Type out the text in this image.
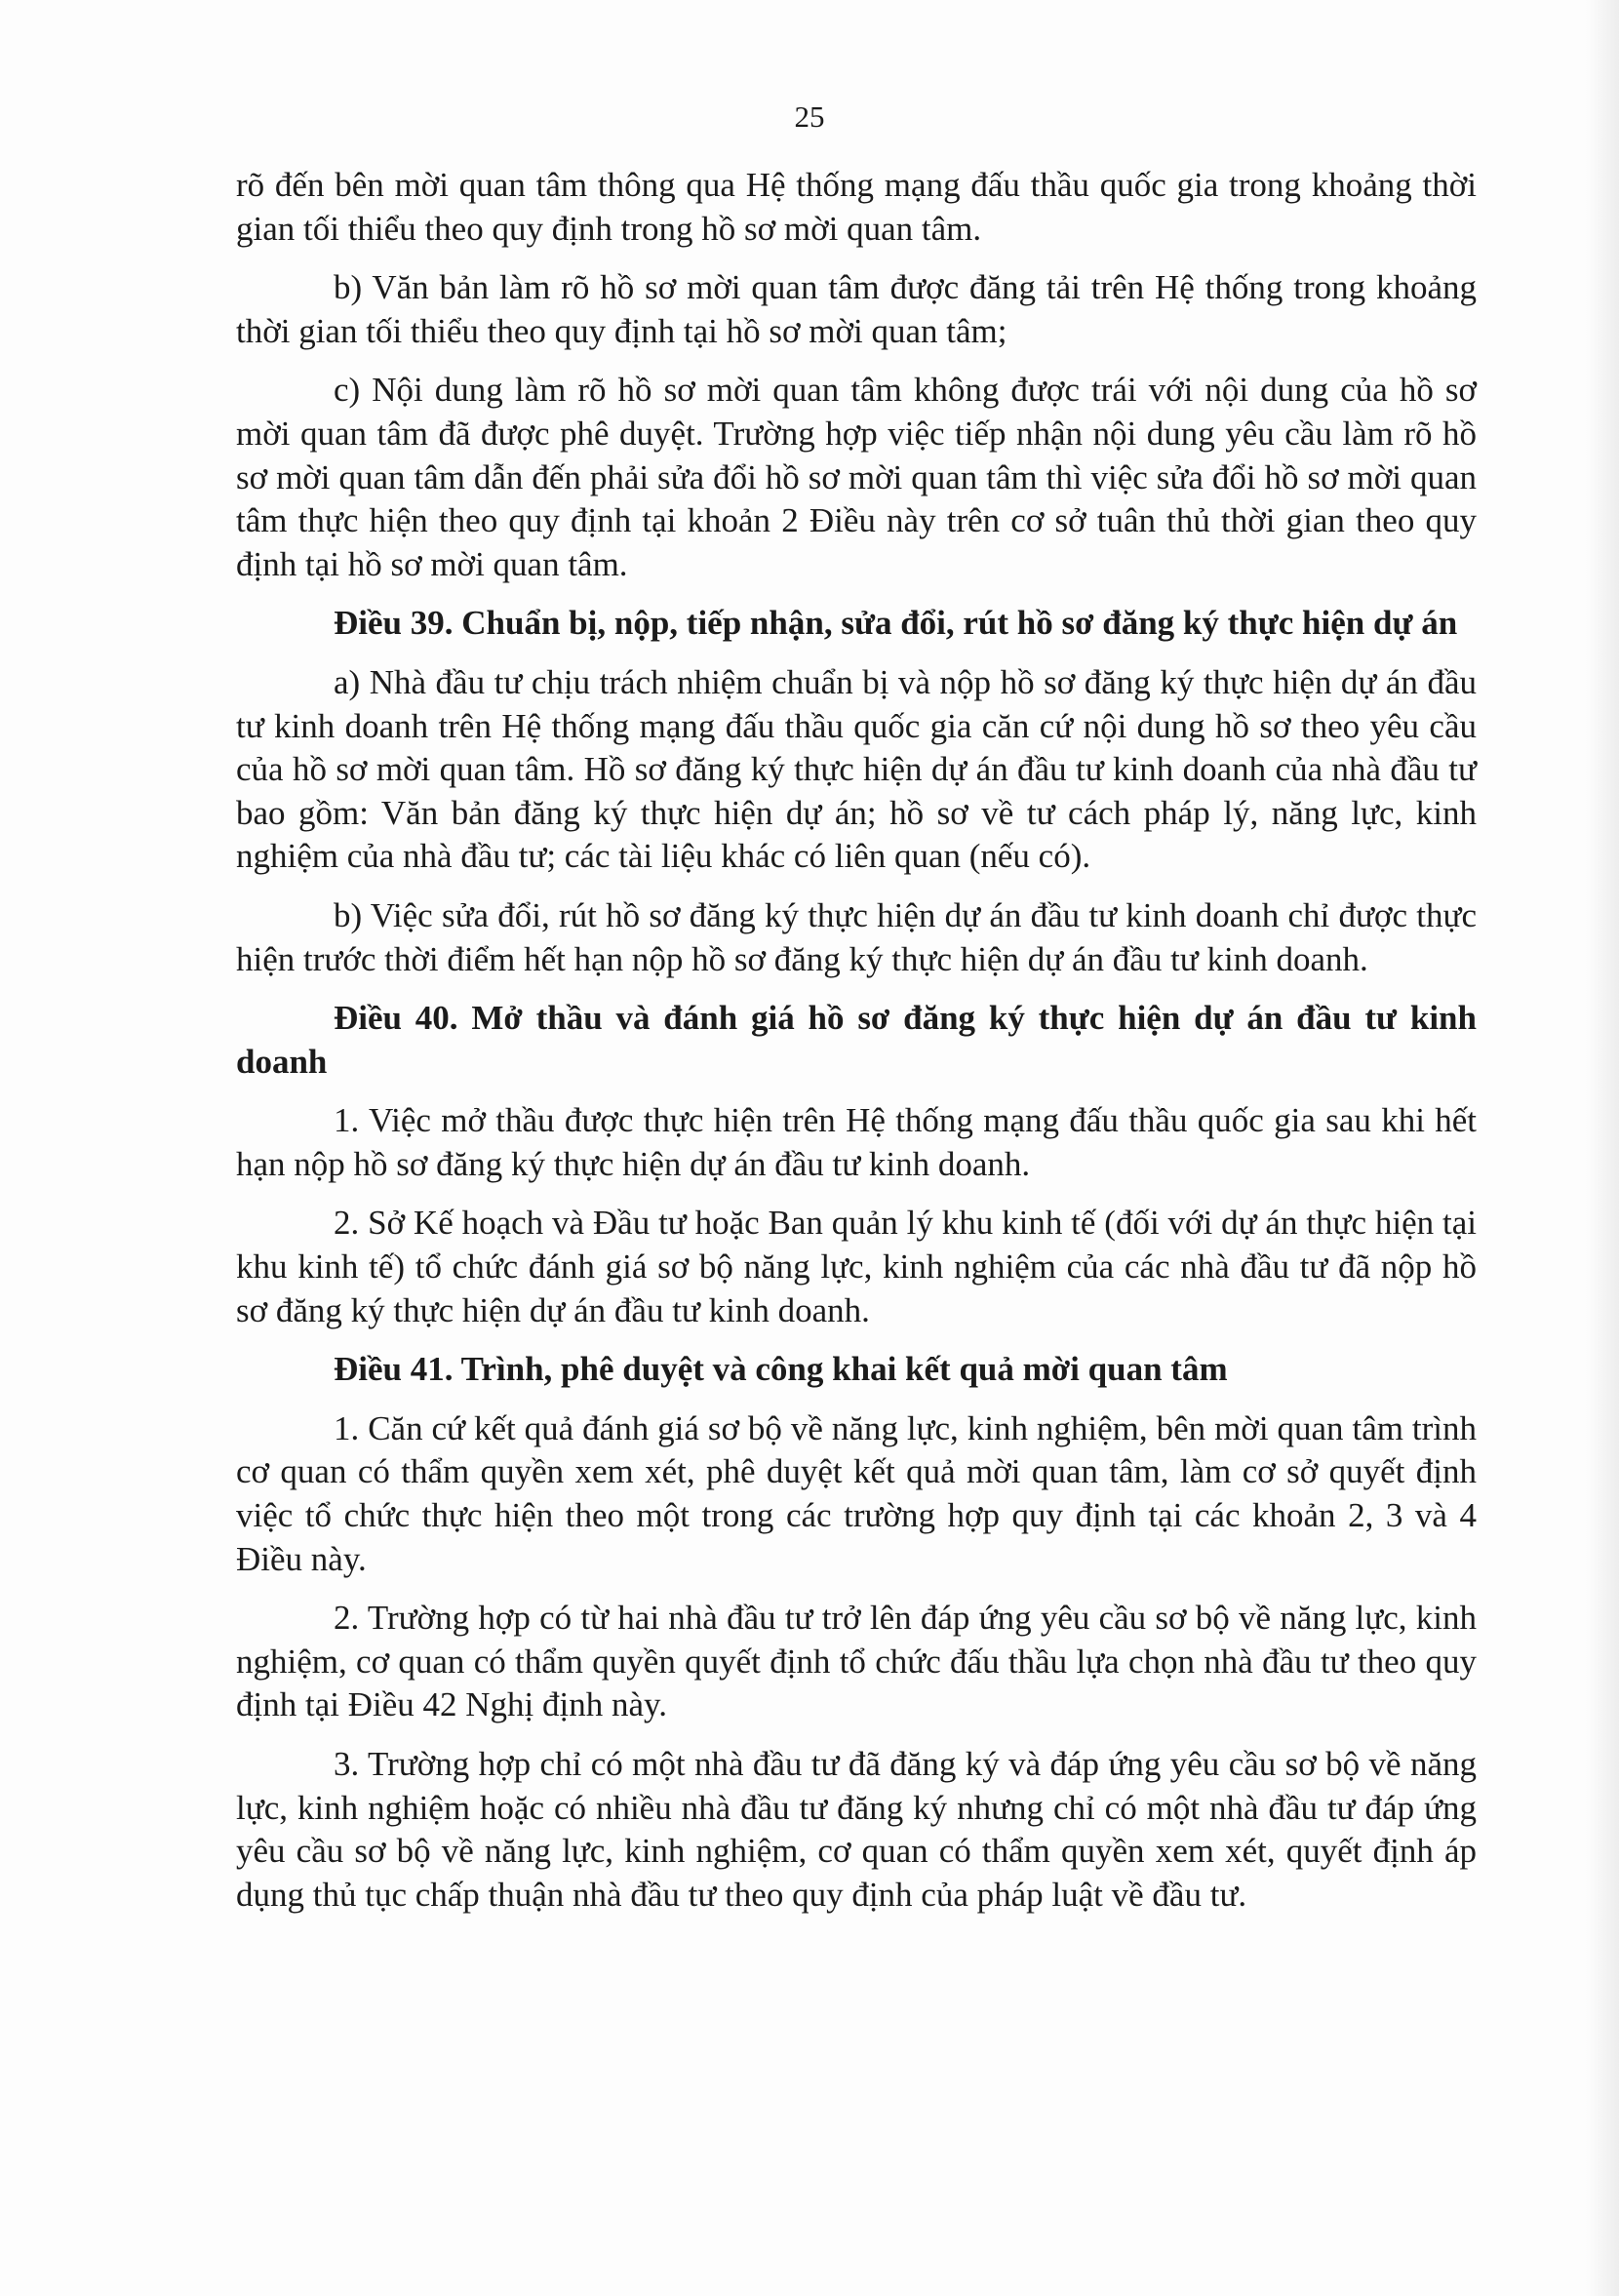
25

rõ đến bên mời quan tâm thông qua Hệ thống mạng đấu thầu quốc gia trong khoảng thời gian tối thiểu theo quy định trong hồ sơ mời quan tâm.

b) Văn bản làm rõ hồ sơ mời quan tâm được đăng tải trên Hệ thống trong khoảng thời gian tối thiểu theo quy định tại hồ sơ mời quan tâm;

c) Nội dung làm rõ hồ sơ mời quan tâm không được trái với nội dung của hồ sơ mời quan tâm đã được phê duyệt. Trường hợp việc tiếp nhận nội dung yêu cầu làm rõ hồ sơ mời quan tâm dẫn đến phải sửa đổi hồ sơ mời quan tâm thì việc sửa đổi hồ sơ mời quan tâm thực hiện theo quy định tại khoản 2 Điều này trên cơ sở tuân thủ thời gian theo quy định tại hồ sơ mời quan tâm.

Điều 39. Chuẩn bị, nộp, tiếp nhận, sửa đổi, rút hồ sơ đăng ký thực hiện dự án

a) Nhà đầu tư chịu trách nhiệm chuẩn bị và nộp hồ sơ đăng ký thực hiện dự án đầu tư kinh doanh trên Hệ thống mạng đấu thầu quốc gia căn cứ nội dung hồ sơ theo yêu cầu của hồ sơ mời quan tâm. Hồ sơ đăng ký thực hiện dự án đầu tư kinh doanh của nhà đầu tư bao gồm: Văn bản đăng ký thực hiện dự án; hồ sơ về tư cách pháp lý, năng lực, kinh nghiệm của nhà đầu tư; các tài liệu khác có liên quan (nếu có).

b) Việc sửa đổi, rút hồ sơ đăng ký thực hiện dự án đầu tư kinh doanh chỉ được thực hiện trước thời điểm hết hạn nộp hồ sơ đăng ký thực hiện dự án đầu tư kinh doanh.

Điều 40. Mở thầu và đánh giá hồ sơ đăng ký thực hiện dự án đầu tư kinh doanh

1. Việc mở thầu được thực hiện trên Hệ thống mạng đấu thầu quốc gia sau khi hết hạn nộp hồ sơ đăng ký thực hiện dự án đầu tư kinh doanh.

2. Sở Kế hoạch và Đầu tư hoặc Ban quản lý khu kinh tế (đối với dự án thực hiện tại khu kinh tế) tổ chức đánh giá sơ bộ năng lực, kinh nghiệm của các nhà đầu tư đã nộp hồ sơ đăng ký thực hiện dự án đầu tư kinh doanh.

Điều 41. Trình, phê duyệt và công khai kết quả mời quan tâm

1. Căn cứ kết quả đánh giá sơ bộ về năng lực, kinh nghiệm, bên mời quan tâm trình cơ quan có thẩm quyền xem xét, phê duyệt kết quả mời quan tâm, làm cơ sở quyết định việc tổ chức thực hiện theo một trong các trường hợp quy định tại các khoản 2, 3 và 4 Điều này.

2. Trường hợp có từ hai nhà đầu tư trở lên đáp ứng yêu cầu sơ bộ về năng lực, kinh nghiệm, cơ quan có thẩm quyền quyết định tổ chức đấu thầu lựa chọn nhà đầu tư theo quy định tại Điều 42 Nghị định này.

3. Trường hợp chỉ có một nhà đầu tư đã đăng ký và đáp ứng yêu cầu sơ bộ về năng lực, kinh nghiệm hoặc có nhiều nhà đầu tư đăng ký nhưng chỉ có một nhà đầu tư đáp ứng yêu cầu sơ bộ về năng lực, kinh nghiệm, cơ quan có thẩm quyền xem xét, quyết định áp dụng thủ tục chấp thuận nhà đầu tư theo quy định của pháp luật về đầu tư.
